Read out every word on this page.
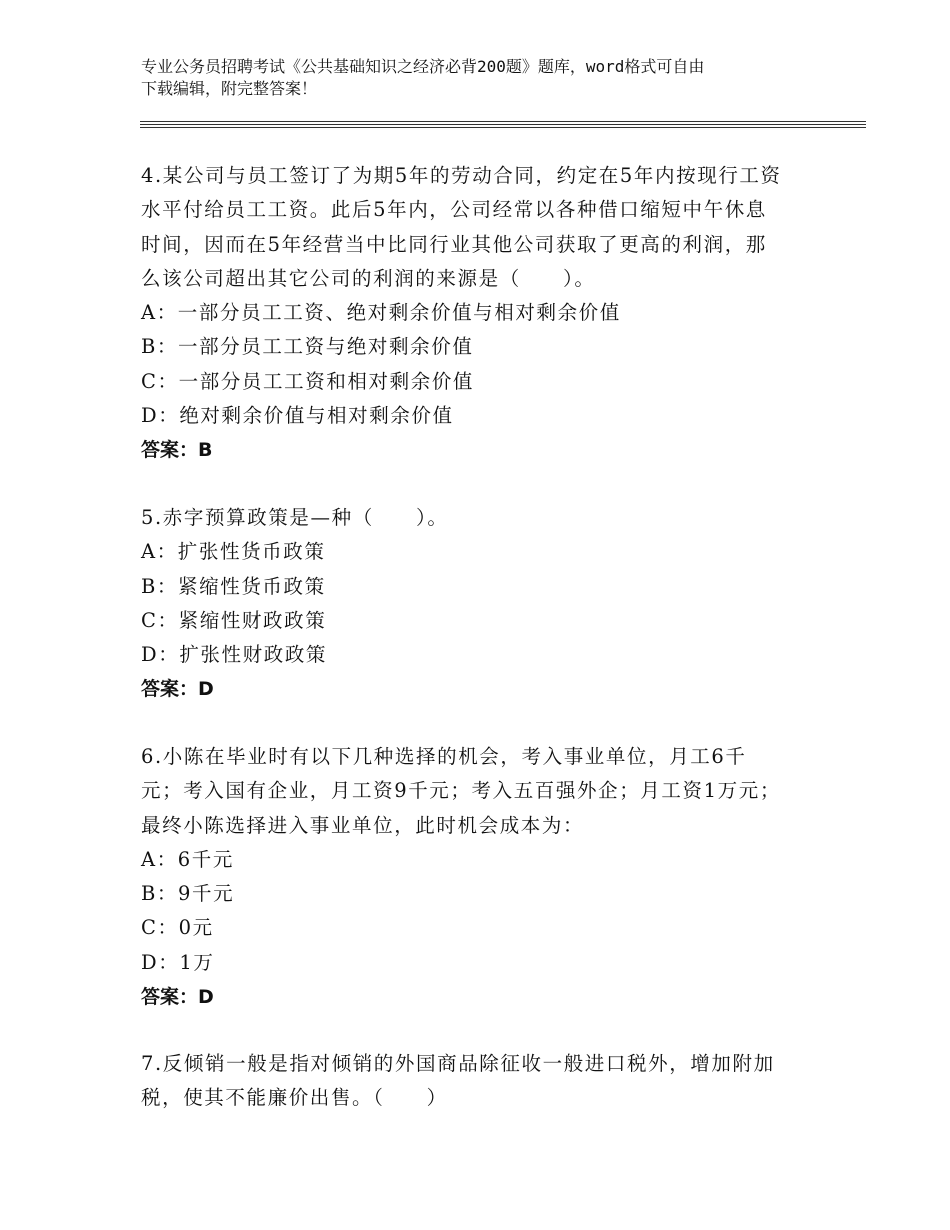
专业公务员招聘考试《公共基础知识之经济必背200题》题库，word格式可自由
下载编辑，附完整答案！
4.某公司与员工签订了为期5年的劳动合同，约定在5年内按现行工资
水平付给员工工资。此后5年内，公司经常以各种借口缩短中午休息
时间，因而在5年经营当中比同行业其他公司获取了更高的利润，那
么该公司超出其它公司的利润的来源是（　　）。
A：一部分员工工资、绝对剩余价值与相对剩余价值
B：一部分员工工资与绝对剩余价值
C：一部分员工工资和相对剩余价值
D：绝对剩余价值与相对剩余价值
答案：B
5.赤字预算政策是—种（　　）。
A：扩张性货币政策
B：紧缩性货币政策
C：紧缩性财政政策
D：扩张性财政政策
答案：D
6.小陈在毕业时有以下几种选择的机会，考入事业单位，月工6千
元；考入国有企业，月工资9千元；考入五百强外企；月工资1万元；
最终小陈选择进入事业单位，此时机会成本为：
A：6千元
B：9千元
C：0元
D：1万
答案：D
7.反倾销一般是指对倾销的外国商品除征收一般进口税外，增加附加
税，使其不能廉价出售。（　　）
